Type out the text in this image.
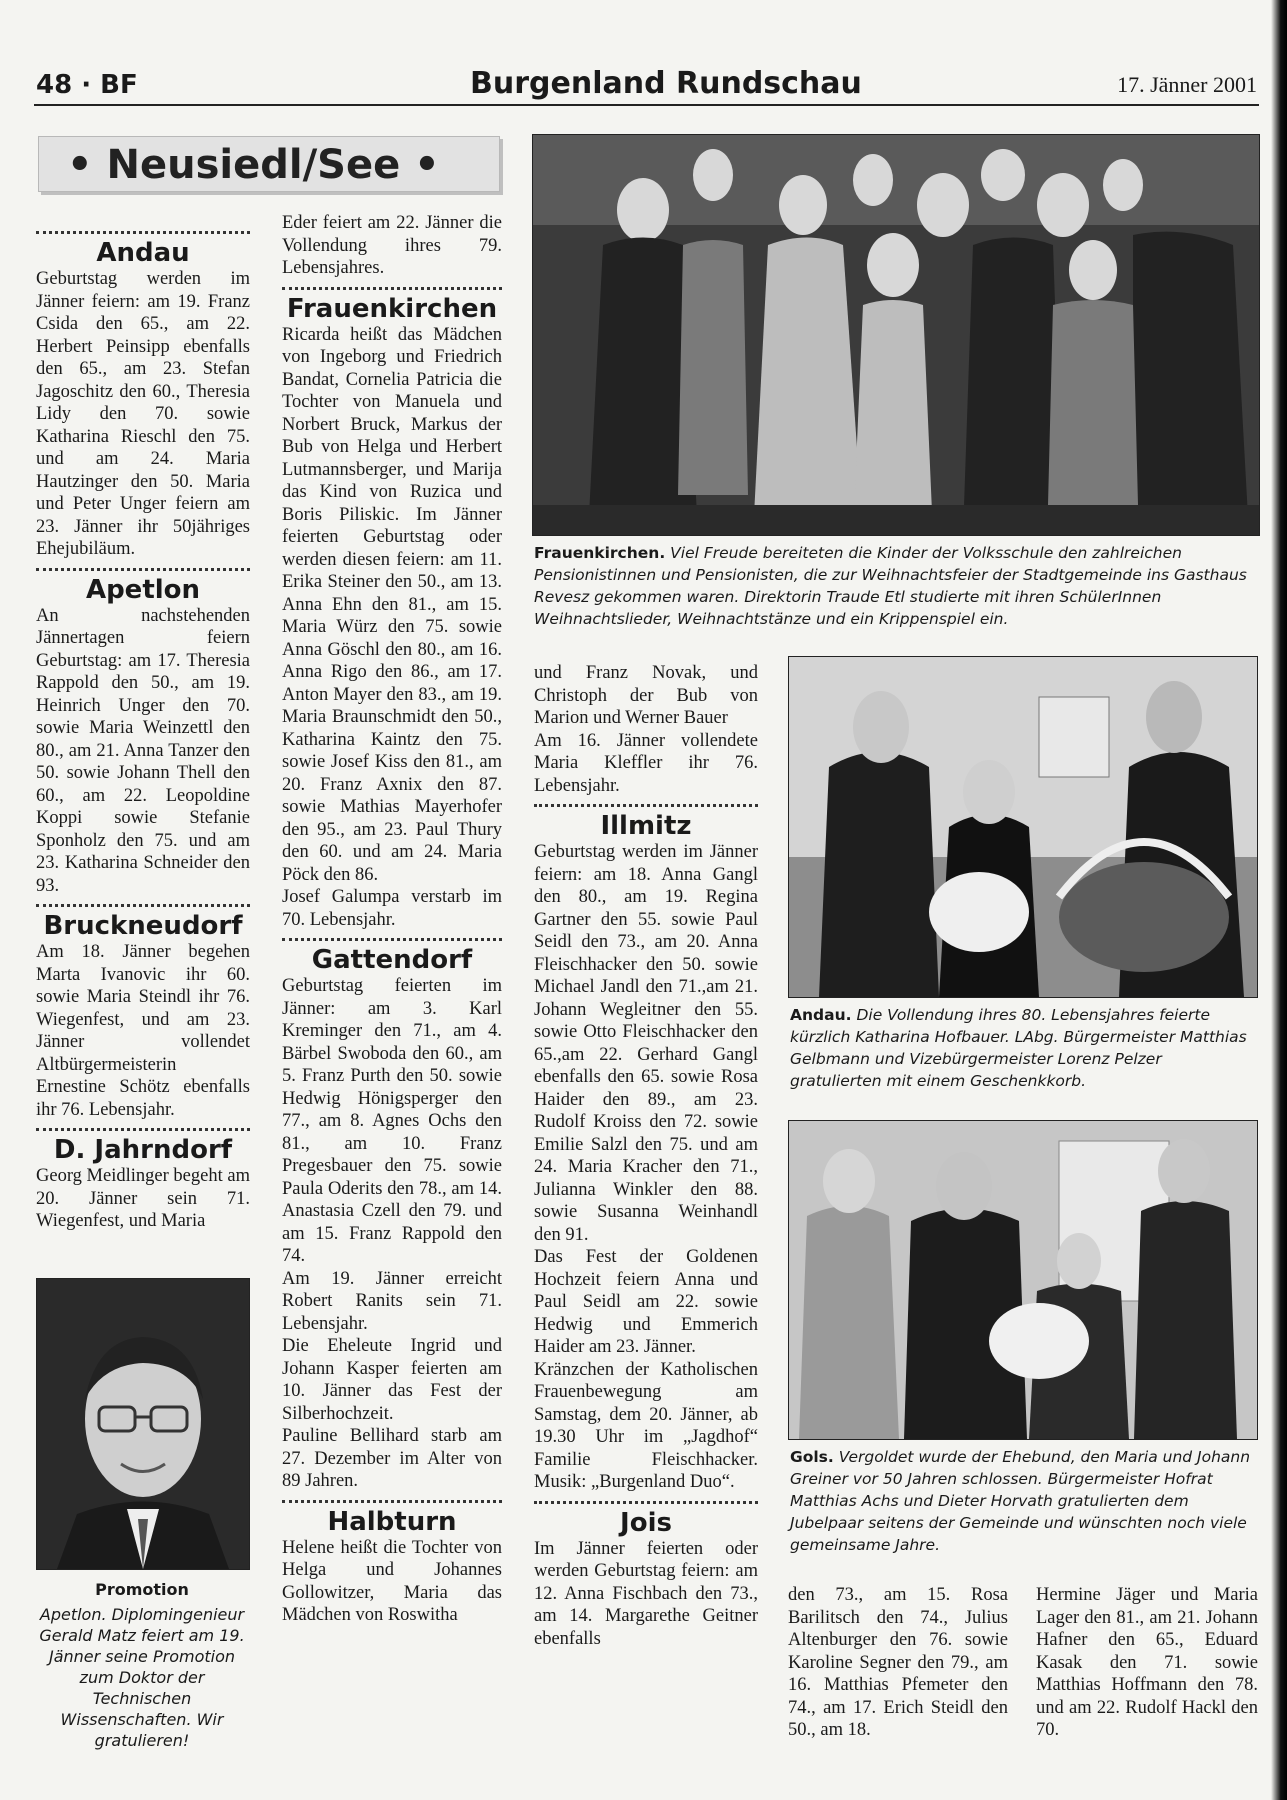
48 · BF	Burgenland Rundschau	17. Jänner 2001
• Neusiedl/See •

Andau

Geburtstag werden im Jänner feiern: am 19. Franz Csida den 65., am 22. Herbert Peinsipp ebenfalls den 65., am 23. Stefan Jagoschitz den 60., Theresia Lidy den 70. sowie Katharina Rieschl den 75. und am 24. Maria Hautzinger den 50. Maria und Peter Unger feiern am 23. Jänner ihr 50jähriges Ehejubiläum.

Apetlon

An nachstehenden Jännertagen feiern Geburtstag: am 17. Theresia Rappold den 50., am 19. Heinrich Unger den 70. sowie Maria Weinzettl den 80., am 21. Anna Tanzer den 50. sowie Johann Thell den 60., am 22. Leopoldine Koppi sowie Stefanie Sponholz den 75. und am 23. Katharina Schneider den 93.

Bruckneudorf

Am 18. Jänner begehen Marta Ivanovic ihr 60. sowie Maria Steindl ihr 76. Wiegenfest, und am 23. Jänner vollendet Altbürgermeisterin Ernestine Schötz ebenfalls ihr 76. Lebensjahr.

D. Jahrndorf

Georg Meidlinger begeht am 20. Jänner sein 71. Wiegenfest, und Maria

Promotion
Apetlon. Diplomingenieur Gerald Matz feiert am 19. Jänner seine Promotion zum Doktor der Technischen Wissenschaften. Wir gratulieren!

Eder feiert am 22. Jänner die Vollendung ihres 79. Lebensjahres.

Frauenkirchen

Ricarda heißt das Mädchen von Ingeborg und Friedrich Bandat, Cornelia Patricia die Tochter von Manuela und Norbert Bruck, Markus der Bub von Helga und Herbert Lutmannsberger, und Marija das Kind von Ruzica und Boris Piliskic. Im Jänner feierten Geburtstag oder werden diesen feiern: am 11. Erika Steiner den 50., am 13. Anna Ehn den 81., am 15. Maria Würz den 75. sowie Anna Göschl den 80., am 16. Anna Rigo den 86., am 17. Anton Mayer den 83., am 19. Maria Braunschmidt den 50., Katharina Kaintz den 75. sowie Josef Kiss den 81., am 20. Franz Axnix den 87. sowie Mathias Mayerhofer den 95., am 23. Paul Thury den 60. und am 24. Maria Pöck den 86.

Josef Galumpa verstarb im 70. Lebensjahr.

Gattendorf

Geburtstag feierten im Jänner: am 3. Karl Kreminger den 71., am 4. Bärbel Swoboda den 60., am 5. Franz Purth den 50. sowie Hedwig Hönigsperger den 77., am 8. Agnes Ochs den 81., am 10. Franz Pregesbauer den 75. sowie Paula Oderits den 78., am 14. Anastasia Czell den 79. und am 15. Franz Rappold den 74.

Am 19. Jänner erreicht Robert Ranits sein 71. Lebensjahr.

Die Eheleute Ingrid und Johann Kasper feierten am 10. Jänner das Fest der Silberhochzeit.

Pauline Bellihard starb am 27. Dezember im Alter von 89 Jahren.

Halbturn

Helene heißt die Tochter von Helga und Johannes Gollowitzer, Maria das Mädchen von Roswitha

Frauenkirchen. Viel Freude bereiteten die Kinder der Volksschule den zahlreichen Pensionistinnen und Pensionisten, die zur Weihnachtsfeier der Stadtgemeinde ins Gasthaus Revesz gekommen waren. Direktorin Traude Etl studierte mit ihren SchülerInnen Weihnachtslieder, Weihnachtstänze und ein Krippenspiel ein.

und Franz Novak, und Christoph der Bub von Marion und Werner Bauer

Am 16. Jänner vollendete Maria Kleffler ihr 76. Lebensjahr.

Illmitz

Geburtstag werden im Jänner feiern: am 18. Anna Gangl den 80., am 19. Regina Gartner den 55. sowie Paul Seidl den 73., am 20. Anna Fleischhacker den 50. sowie Michael Jandl den 71.,am 21. Johann Wegleitner den 55. sowie Otto Fleischhacker den 65.,am 22. Gerhard Gangl ebenfalls den 65. sowie Rosa Haider den 89., am 23. Rudolf Kroiss den 72. sowie Emilie Salzl den 75. und am 24. Maria Kracher den 71., Julianna Winkler den 88. sowie Susanna Weinhandl den 91.

Das Fest der Goldenen Hochzeit feiern Anna und Paul Seidl am 22. sowie Hedwig und Emmerich Haider am 23. Jänner.

Kränzchen der Katholischen Frauenbewegung am Samstag, dem 20. Jänner, ab 19.30 Uhr im „Jagdhof“ Familie Fleischhacker. Musik: „Burgenland Duo“.

Jois

Im Jänner feierten oder werden Geburtstag feiern: am 12. Anna Fischbach den 73., am 14. Margarethe Geitner ebenfalls

Andau. Die Vollendung ihres 80. Lebensjahres feierte kürzlich Katharina Hofbauer. LAbg. Bürgermeister Matthias Gelbmann und Vizebürgermeister Lorenz Pelzer gratulierten mit einem Geschenkkorb.
Gols. Vergoldet wurde der Ehebund, den Maria und Johann Greiner vor 50 Jahren schlossen. Bürgermeister Hofrat Matthias Achs und Dieter Horvath gratulierten dem Jubelpaar seitens der Gemeinde und wünschten noch viele gemeinsame Jahre.

den 73., am 15. Rosa Barilitsch den 74., Julius Altenburger den 76. sowie Karoline Segner den 79., am 16. Matthias Pfemeter den 74., am 17. Erich Steidl den 50., am 18.

Hermine Jäger und Maria Lager den 81., am 21. Johann Hafner den 65., Eduard Kasak den 71. sowie Matthias Hoffmann den 78. und am 22. Rudolf Hackl den 70.
